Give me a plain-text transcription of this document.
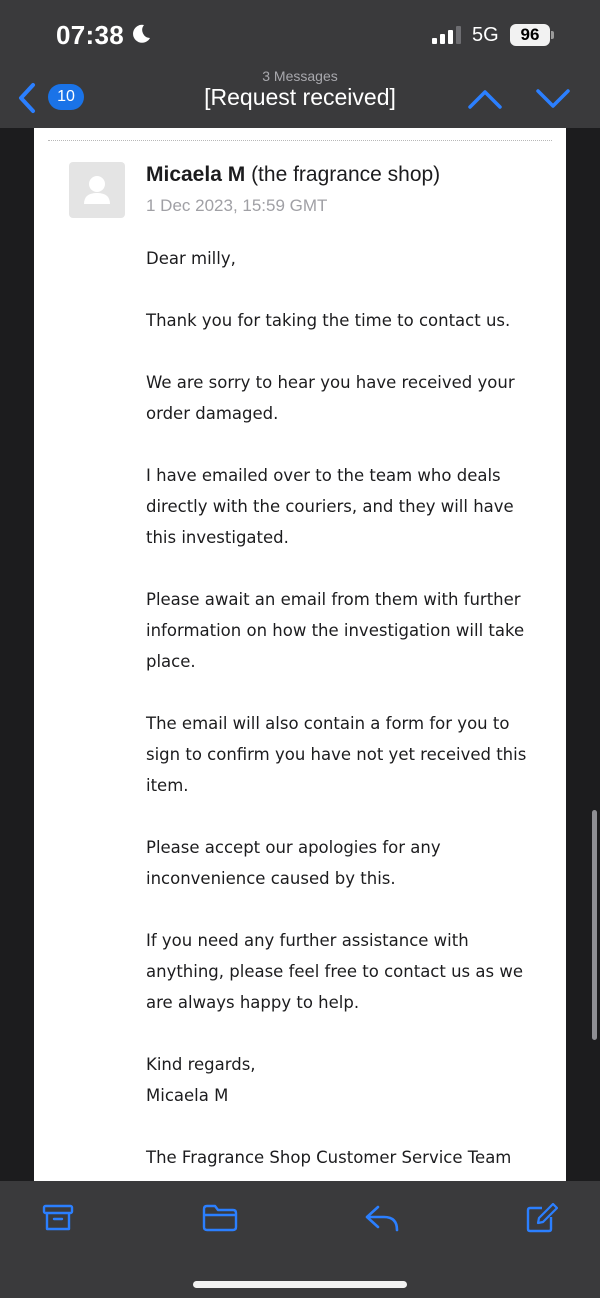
07:38	5G	96
10
3 Messages
[Request received]
Micaela M (the fragrance shop)
1 Dec 2023, 15:59 GMT
Dear milly,
Thank you for taking the time to contact us.
We are sorry to hear you have received your
order damaged.
I have emailed over to the team who deals
directly with the couriers, and they will have
this investigated.
Please await an email from them with further
information on how the investigation will take
place.
The email will also contain a form for you to
sign to confirm you have not yet received this
item.
Please accept our apologies for any
inconvenience caused by this.
If you need any further assistance with
anything, please feel free to contact us as we
are always happy to help.
Kind regards,
Micaela M
The Fragrance Shop Customer Service Team
